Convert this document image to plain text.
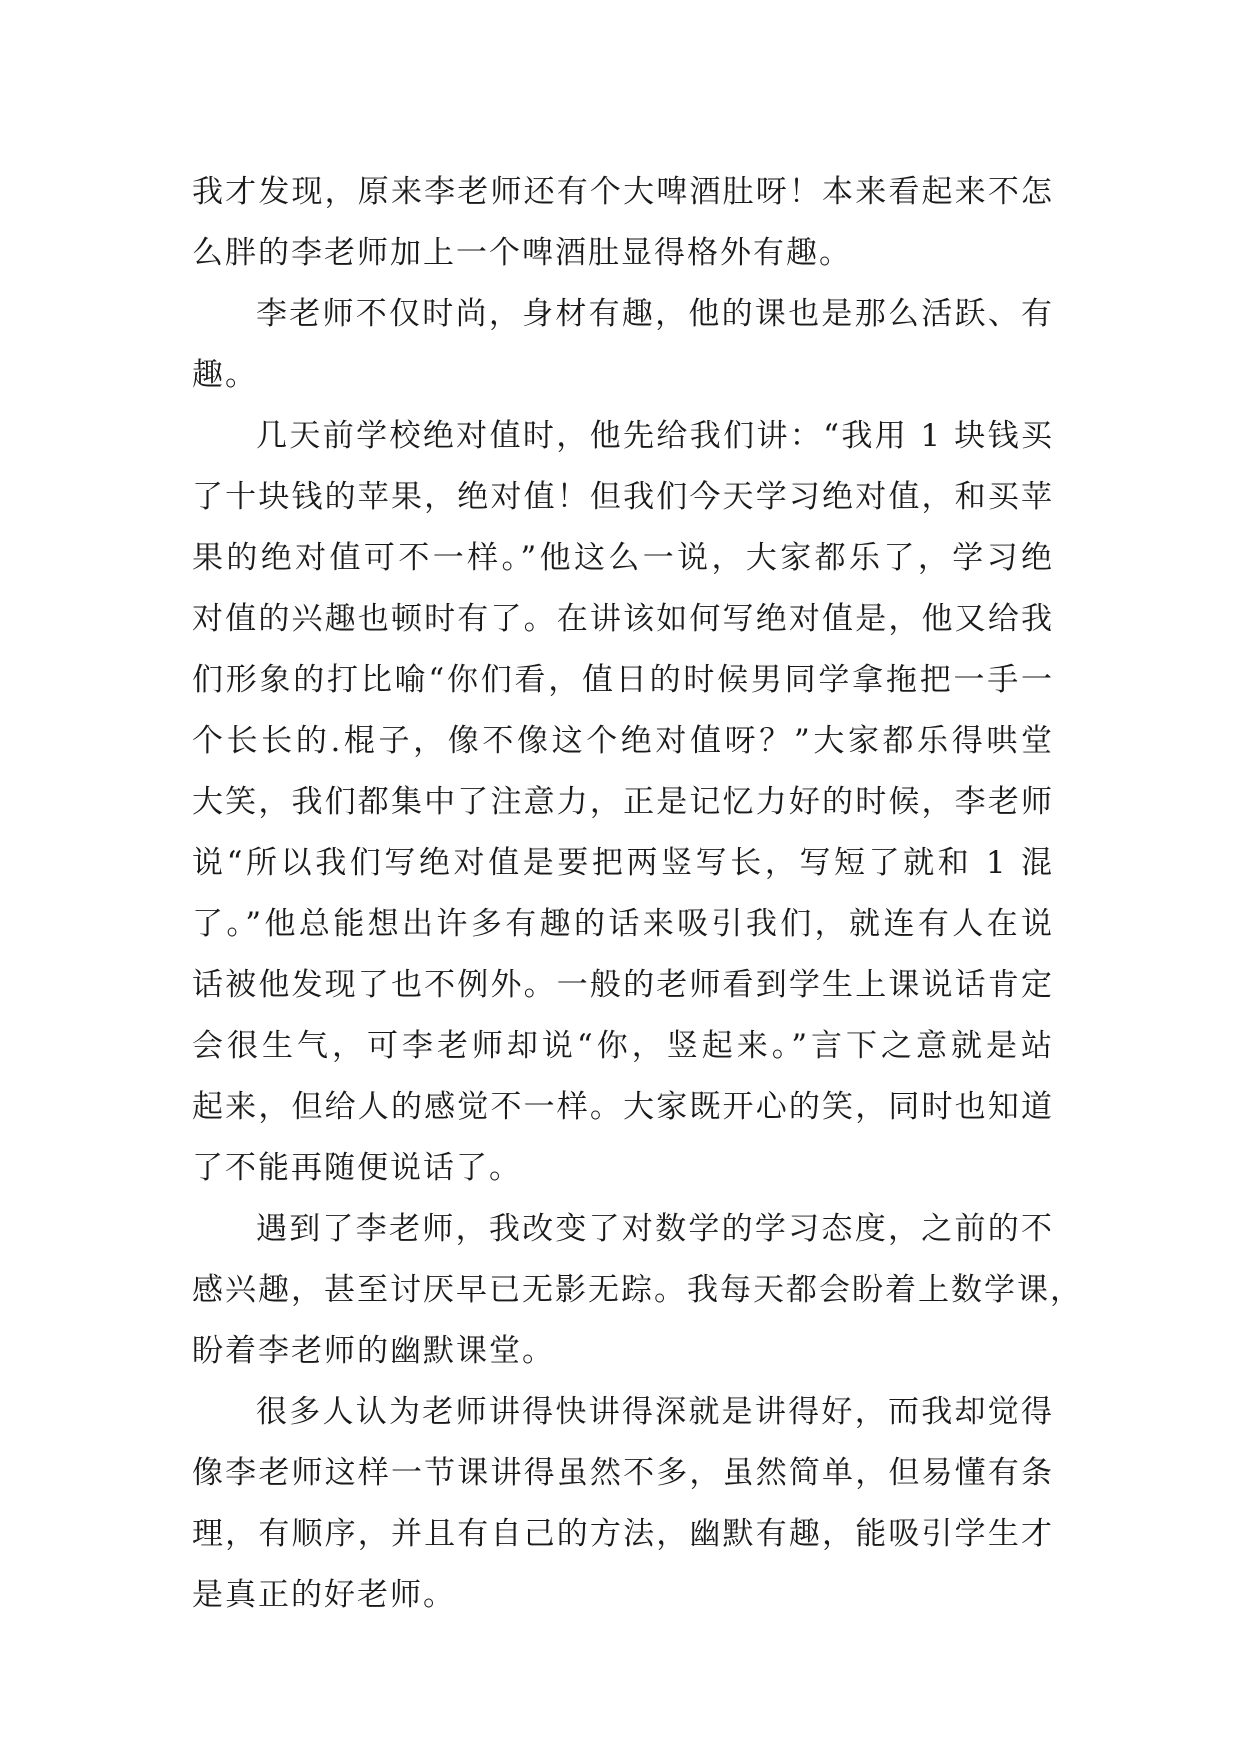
我才发现，原来李老师还有个大啤酒肚呀！本来看起来不怎
么胖的李老师加上一个啤酒肚显得格外有趣。

李老师不仅时尚，身材有趣，他的课也是那么活跃、有
趣。

几天前学校绝对值时，他先给我们讲：“我用 1 块钱买
了十块钱的苹果，绝对值！但我们今天学习绝对值，和买苹
果的绝对值可不一样。”他这么一说，大家都乐了，学习绝
对值的兴趣也顿时有了。在讲该如何写绝对值是，他又给我
们形象的打比喻“你们看，值日的时候男同学拿拖把一手一
个长长的.棍子，像不像这个绝对值呀？”大家都乐得哄堂
大笑，我们都集中了注意力，正是记忆力好的时候，李老师
说“所以我们写绝对值是要把两竖写长，写短了就和 1 混
了。”他总能想出许多有趣的话来吸引我们，就连有人在说
话被他发现了也不例外。一般的老师看到学生上课说话肯定
会很生气，可李老师却说“你，竖起来。”言下之意就是站
起来，但给人的感觉不一样。大家既开心的笑，同时也知道
了不能再随便说话了。

遇到了李老师，我改变了对数学的学习态度，之前的不
感兴趣，甚至讨厌早已无影无踪。我每天都会盼着上数学课，
盼着李老师的幽默课堂。

很多人认为老师讲得快讲得深就是讲得好，而我却觉得
像李老师这样一节课讲得虽然不多，虽然简单，但易懂有条
理，有顺序，并且有自己的方法，幽默有趣，能吸引学生才
是真正的好老师。
